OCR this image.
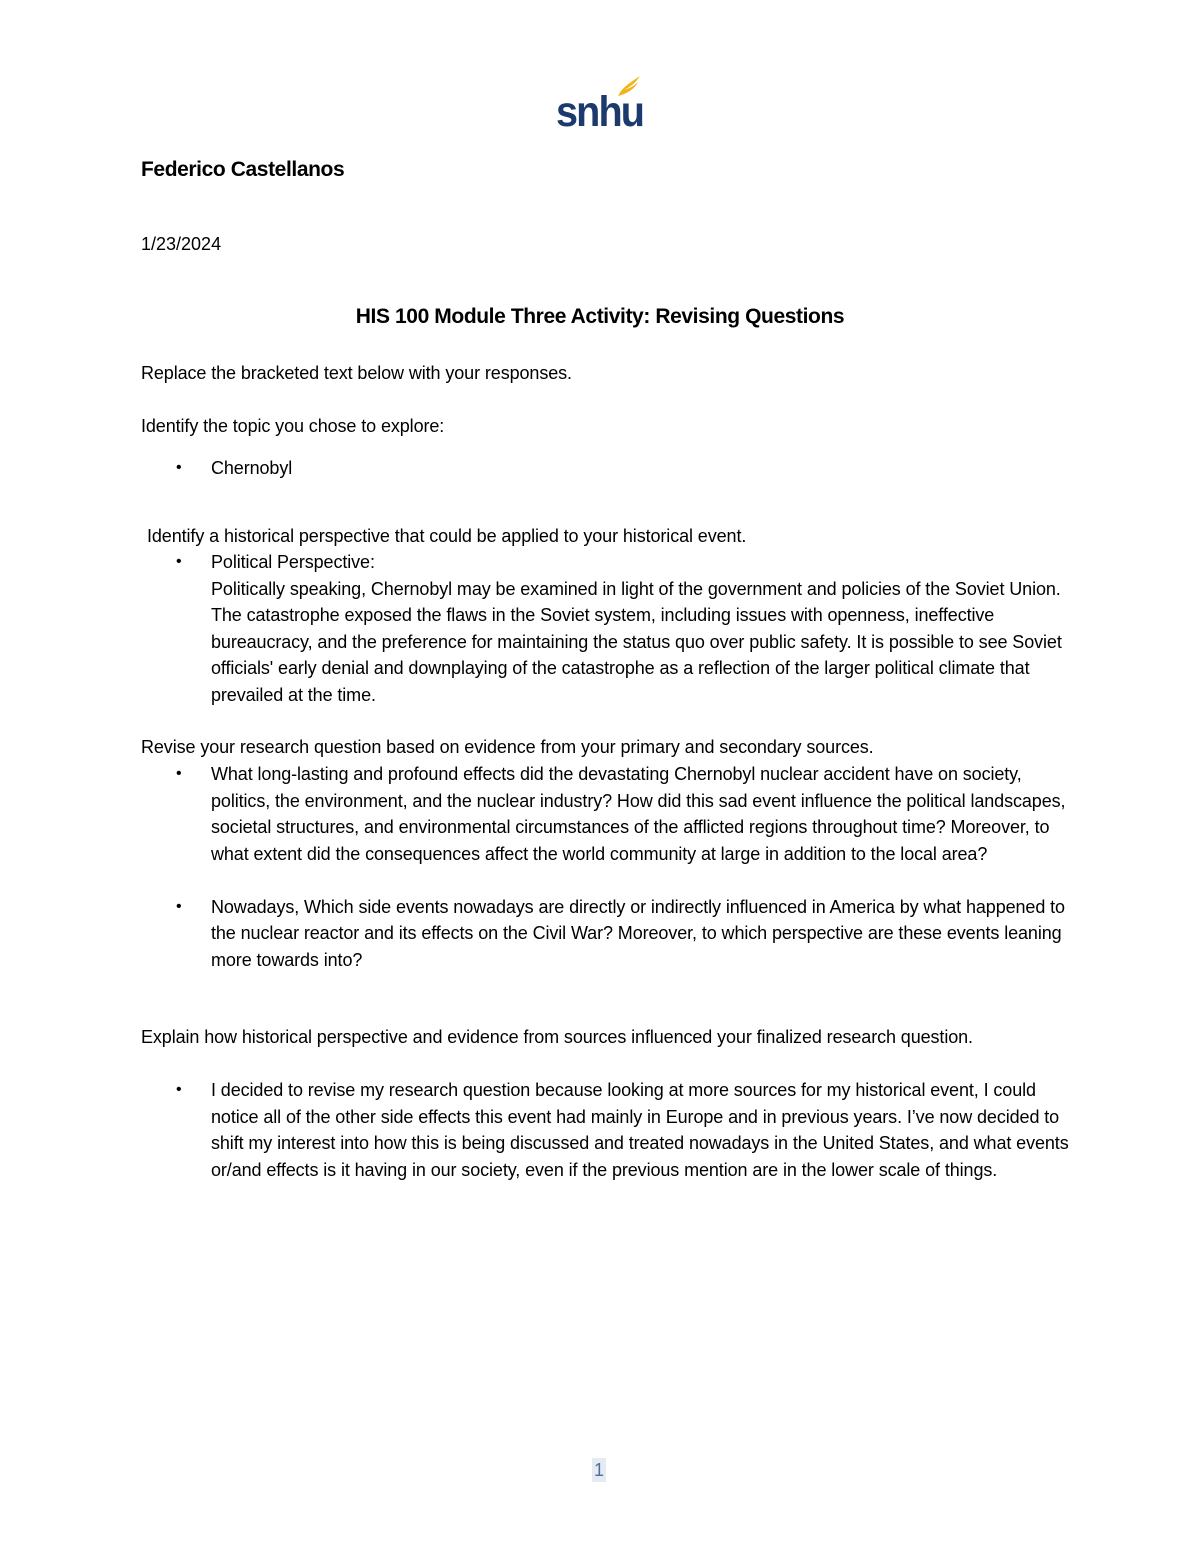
snhu
Federico Castellanos
1/23/2024
HIS 100 Module Three Activity: Revising Questions
Replace the bracketed text below with your responses.
Identify the topic you chose to explore:
• Chernobyl
Identify a historical perspective that could be applied to your historical event.
• Political Perspective:
Politically speaking, Chernobyl may be examined in light of the government and policies of the Soviet Union. The catastrophe exposed the flaws in the Soviet system, including issues with openness, ineffective bureaucracy, and the preference for maintaining the status quo over public safety. It is possible to see Soviet officials' early denial and downplaying of the catastrophe as a reflection of the larger political climate that prevailed at the time.
Revise your research question based on evidence from your primary and secondary sources.
• What long-lasting and profound effects did the devastating Chernobyl nuclear accident have on society, politics, the environment, and the nuclear industry? How did this sad event influence the political landscapes, societal structures, and environmental circumstances of the afflicted regions throughout time? Moreover, to what extent did the consequences affect the world community at large in addition to the local area?
• Nowadays, Which side events nowadays are directly or indirectly influenced in America by what happened to the nuclear reactor and its effects on the Civil War? Moreover, to which perspective are these events leaning more towards into?
Explain how historical perspective and evidence from sources influenced your finalized research question.
• I decided to revise my research question because looking at more sources for my historical event, I could notice all of the other side effects this event had mainly in Europe and in previous years. I’ve now decided to shift my interest into how this is being discussed and treated nowadays in the United States, and what events or/and effects is it having in our society, even if the previous mention are in the lower scale of things.
1
